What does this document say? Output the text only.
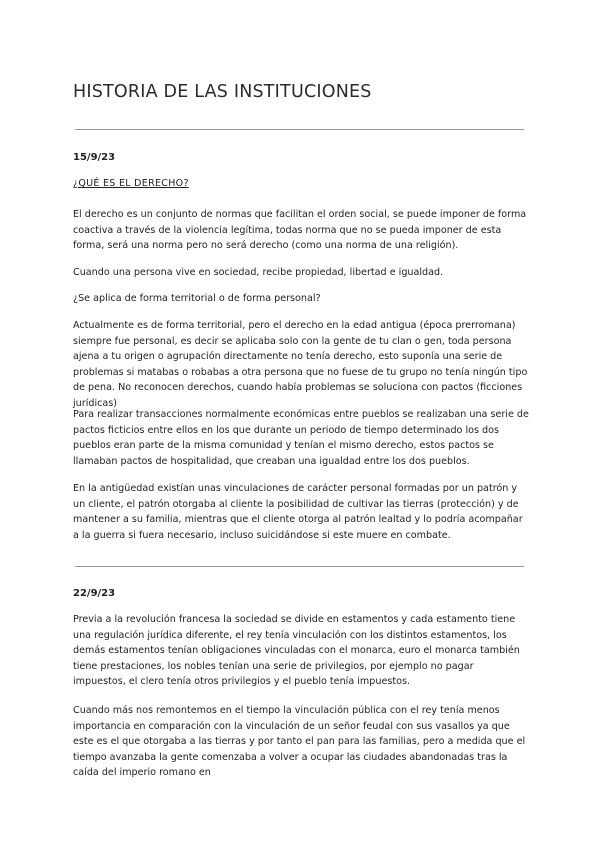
HISTORIA DE LAS INSTITUCIONES

15/9/23

¿QUÉ ES EL DERECHO?

El derecho es un conjunto de normas que facilitan el orden social, se puede imponer de forma coactiva a través de la violencia legítima, todas norma que no se pueda imponer de esta forma, será una norma pero no será derecho (como una norma de una religión).

Cuando una persona vive en sociedad, recibe propiedad, libertad e igualdad.

¿Se aplica de forma territorial o de forma personal?

Actualmente es de forma territorial, pero el derecho en la edad antigua (época prerromana) siempre fue personal, es decir se aplicaba solo con la gente de tu clan o gen, toda persona ajena a tu origen o agrupación directamente no tenía derecho, esto suponía una serie de problemas si matabas o robabas a otra persona que no fuese de tu grupo no tenía ningún tipo de pena. No reconocen derechos, cuando había problemas se soluciona con pactos (ficciones jurídicas)

Para realizar transacciones normalmente económicas entre pueblos se realizaban una serie de pactos ficticios entre ellos en los que durante un periodo de tiempo determinado los dos pueblos eran parte de la misma comunidad y tenían el mismo derecho, estos pactos se llamaban pactos de hospitalidad, que creaban una igualdad entre los dos pueblos.

En la antigüedad existían unas vinculaciones de carácter personal formadas por un patrón y un cliente, el patrón otorgaba al cliente la posibilidad de cultivar las tierras (protección) y de mantener a su familia, mientras que el cliente otorga al patrón lealtad y lo podría acompañar a la guerra si fuera necesario, incluso suicidándose si este muere en combate.

22/9/23

Previa a la revolución francesa la sociedad se divide en estamentos y cada estamento tiene una regulación jurídica diferente, el rey tenía vinculación con los distintos estamentos, los demás estamentos tenían obligaciones vinculadas con el monarca, euro el monarca también tiene prestaciones, los nobles tenían una serie de privilegios, por ejemplo no pagar impuestos, el clero tenía otros privilegios y el pueblo tenía impuestos.

Cuando más nos remontemos en el tiempo la vinculación pública con el rey tenía menos importancia en comparación con la vinculación de un señor feudal con sus vasallos ya que este es el que otorgaba a las tierras y por tanto el pan para las familias, pero a medida que el tiempo avanzaba la gente comenzaba a volver a ocupar las ciudades abandonadas tras la caída del imperio romano en
